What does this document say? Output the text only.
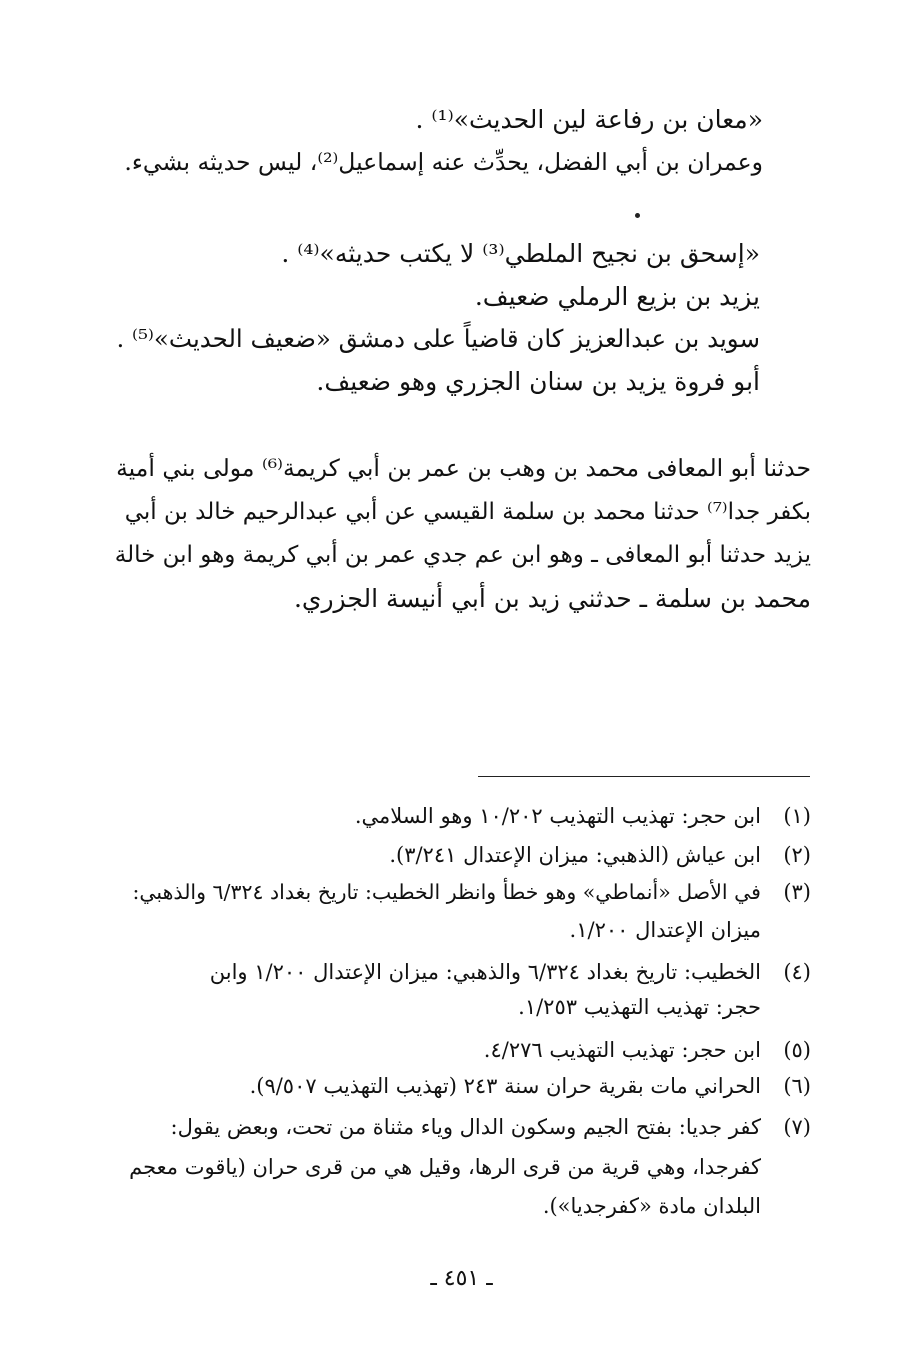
«معان بن رفاعة لين الحديث»⁽¹⁾ .
وعمران بن أبي الفضل، يحدِّث عنه إسماعيل⁽²⁾، ليس حديثه بشيء.
«إسحق بن نجيح الملطي⁽³⁾ لا يكتب حديثه»⁽⁴⁾ .
يزيد بن بزيع الرملي ضعيف.
سويد بن عبدالعزيز كان قاضياً على دمشق «ضعيف الحديث»⁽⁵⁾ .
أبو فروة يزيد بن سنان الجزري وهو ضعيف.
حدثنا أبو المعافى محمد بن وهب بن عمر بن أبي كريمة⁽⁶⁾ مولى بني أمية
بكفر جدا⁽⁷⁾ حدثنا محمد بن سلمة القيسي عن أبي عبدالرحيم خالد بن أبي
يزيد حدثنا أبو المعافى ـ وهو ابن عم جدي عمر بن أبي كريمة وهو ابن خالة
محمد بن سلمة ـ حدثني زيد بن أبي أنيسة الجزري.
(١)
ابن حجر: تهذيب التهذيب ١٠/٢٠٢ وهو السلامي.
(٢)
ابن عياش (الذهبي: ميزان الإعتدال ٣/٢٤١).
(٣)
في الأصل «أنماطي» وهو خطأ وانظر الخطيب: تاريخ بغداد ٦/٣٢٤ والذهبي:
ميزان الإعتدال ١/٢٠٠.
(٤)
الخطيب: تاريخ بغداد ٦/٣٢٤ والذهبي: ميزان الإعتدال ١/٢٠٠ وابن
حجر: تهذيب التهذيب ١/٢٥٣.
(٥)
ابن حجر: تهذيب التهذيب ٤/٢٧٦.
(٦)
الحراني مات بقرية حران سنة ٢٤٣ (تهذيب التهذيب ٩/٥٠٧).
(٧)
كفر جديا: بفتح الجيم وسكون الدال وياء مثناة من تحت، وبعض يقول:
كفرجدا، وهي قرية من قرى الرها، وقيل هي من قرى حران (ياقوت معجم
البلدان مادة «كفرجديا»).
ـ ٤٥١ ـ
